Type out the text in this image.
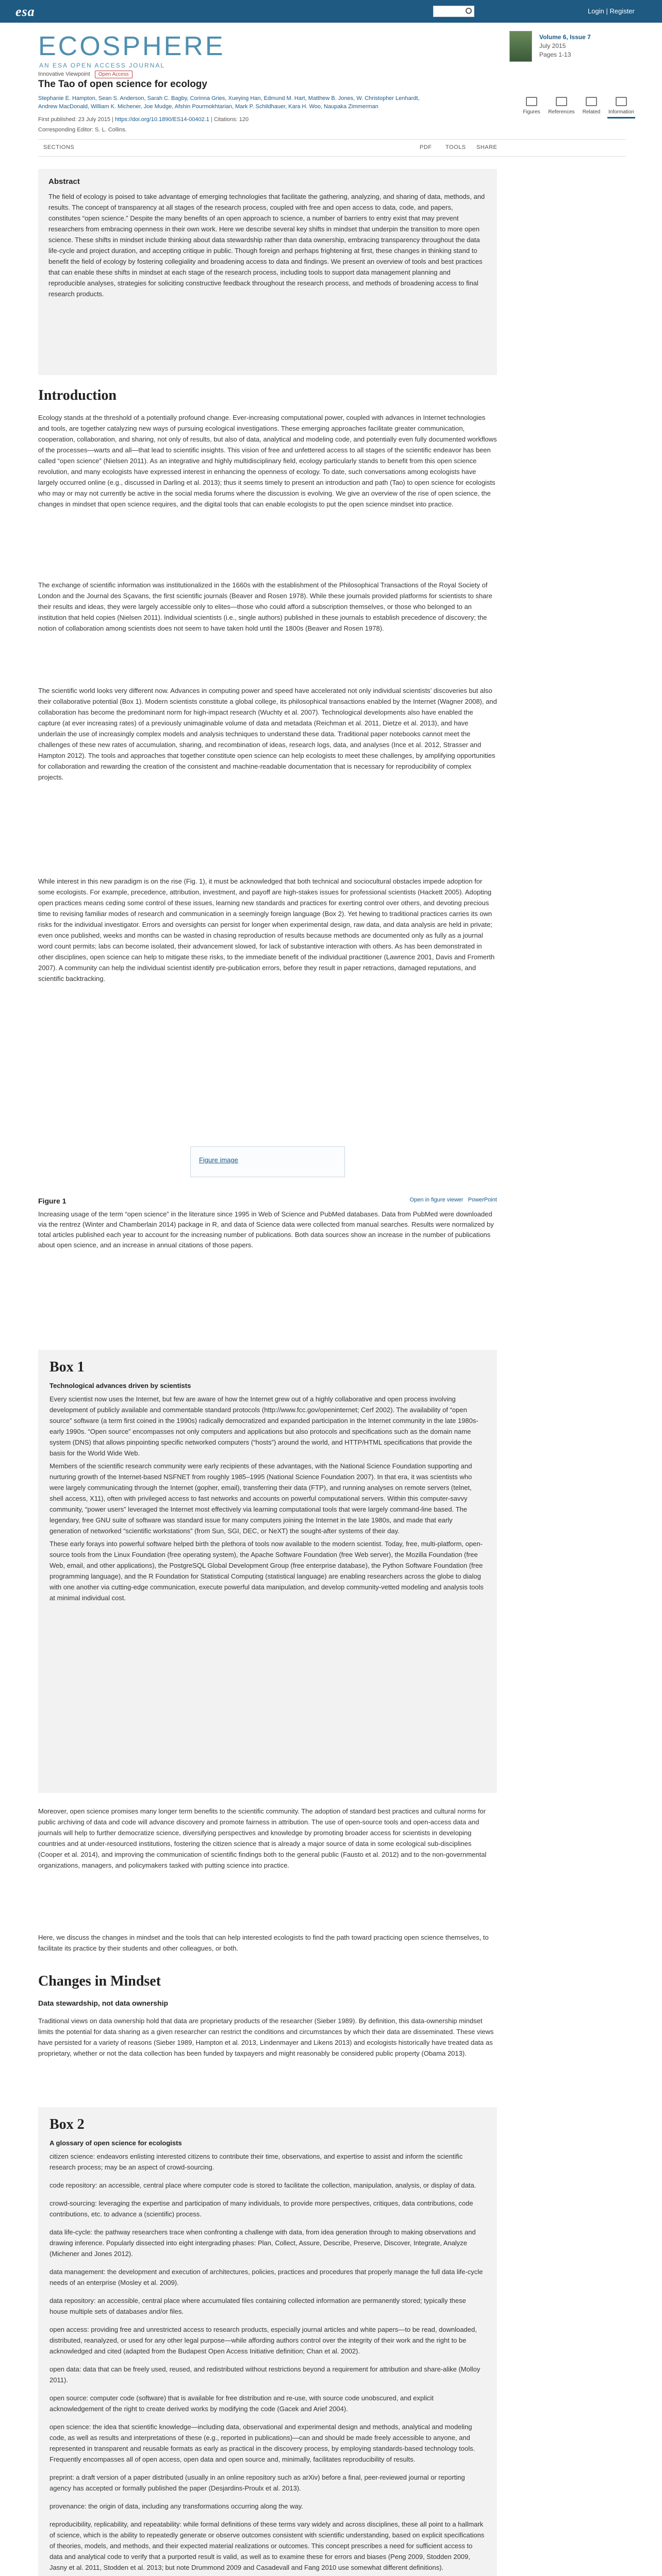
esa	Login | Register
ECOSPHERE
AN ESA OPEN ACCESS JOURNAL
Volume 6, Issue 7
July 2015
Pages 1-13
Innovative Viewpoint Open Access
The Tao of open science for ecology
Stephanie E. Hampton, Sean S. Anderson, Sarah C. Bagby, Corinna Gries, Xueying Han, Edmund M. Hart, Matthew B. Jones, W. Christopher Lenhardt, Andrew MacDonald, William K. Michener, Joe Mudge, Afshin Pourmokhtarian, Mark P. Schildhauer, Kara H. Woo, Naupaka Zimmerman
First published: 23 July 2015 | https://doi.org/10.1890/ES14-00402.1 | Citations: 120
Corresponding Editor: S. L. Collins.
Figures	References	Related	Information
SECTIONS	PDF TOOLS SHARE
Abstract

The field of ecology is poised to take advantage of emerging technologies that facilitate the gathering, analyzing, and sharing of data, methods, and results. The concept of transparency at all stages of the research process, coupled with free and open access to data, code, and papers, constitutes “open science.” Despite the many benefits of an open approach to science, a number of barriers to entry exist that may prevent researchers from embracing openness in their own work. Here we describe several key shifts in mindset that underpin the transition to more open science. These shifts in mindset include thinking about data stewardship rather than data ownership, embracing transparency throughout the data life-cycle and project duration, and accepting critique in public. Though foreign and perhaps frightening at first, these changes in thinking stand to benefit the field of ecology by fostering collegiality and broadening access to data and findings. We present an overview of tools and best practices that can enable these shifts in mindset at each stage of the research process, including tools to support data management planning and reproducible analyses, strategies for soliciting constructive feedback throughout the research process, and methods of broadening access to final research products.

Introduction

Ecology stands at the threshold of a potentially profound change. Ever-increasing computational power, coupled with advances in Internet technologies and tools, are together catalyzing new ways of pursuing ecological investigations. These emerging approaches facilitate greater communication, cooperation, collaboration, and sharing, not only of results, but also of data, analytical and modeling code, and potentially even fully documented workflows of the processes—warts and all—that lead to scientific insights. This vision of free and unfettered access to all stages of the scientific endeavor has been called “open science” (Nielsen 2011). As an integrative and highly multidisciplinary field, ecology particularly stands to benefit from this open science revolution, and many ecologists have expressed interest in enhancing the openness of ecology. To date, such conversations among ecologists have largely occurred online (e.g., discussed in Darling et al. 2013); thus it seems timely to present an introduction and path (Tao) to open science for ecologists who may or may not currently be active in the social media forums where the discussion is evolving. We give an overview of the rise of open science, the changes in mindset that open science requires, and the digital tools that can enable ecologists to put the open science mindset into practice.

The exchange of scientific information was institutionalized in the 1660s with the establishment of the Philosophical Transactions of the Royal Society of London and the Journal des Sçavans, the first scientific journals (Beaver and Rosen 1978). While these journals provided platforms for scientists to share their results and ideas, they were largely accessible only to elites—those who could afford a subscription themselves, or those who belonged to an institution that held copies (Nielsen 2011). Individual scientists (i.e., single authors) published in these journals to establish precedence of discovery; the notion of collaboration among scientists does not seem to have taken hold until the 1800s (Beaver and Rosen 1978).

The scientific world looks very different now. Advances in computing power and speed have accelerated not only individual scientists’ discoveries but also their collaborative potential (Box 1). Modern scientists constitute a global college, its philosophical transactions enabled by the Internet (Wagner 2008), and collaboration has become the predominant norm for high-impact research (Wuchty et al. 2007). Technological developments also have enabled the capture (at ever increasing rates) of a previously unimaginable volume of data and metadata (Reichman et al. 2011, Dietze et al. 2013), and have underlain the use of increasingly complex models and analysis techniques to understand these data. Traditional paper notebooks cannot meet the challenges of these new rates of accumulation, sharing, and recombination of ideas, research logs, data, and analyses (Ince et al. 2012, Strasser and Hampton 2012). The tools and approaches that together constitute open science can help ecologists to meet these challenges, by amplifying opportunities for collaboration and rewarding the creation of the consistent and machine-readable documentation that is necessary for reproducibility of complex projects.

While interest in this new paradigm is on the rise (Fig. 1), it must be acknowledged that both technical and sociocultural obstacles impede adoption for some ecologists. For example, precedence, attribution, investment, and payoff are high-stakes issues for professional scientists (Hackett 2005). Adopting open practices means ceding some control of these issues, learning new standards and practices for exerting control over others, and devoting precious time to revising familiar modes of research and communication in a seemingly foreign language (Box 2). Yet hewing to traditional practices carries its own risks for the individual investigator. Errors and oversights can persist for longer when experimental design, raw data, and data analysis are held in private; even once published, weeks and months can be wasted in chasing reproduction of results because methods are documented only as fully as a journal word count permits; labs can become isolated, their advancement slowed, for lack of substantive interaction with others. As has been demonstrated in other disciplines, open science can help to mitigate these risks, to the immediate benefit of the individual practitioner (Lawrence 2001, Davis and Fromerth 2007). A community can help the individual scientist identify pre-publication errors, before they result in paper retractions, damaged reputations, and scientific backtracking.

Figure image
Figure 1	Open in figure viewer PowerPoint

Increasing usage of the term “open science” in the literature since 1995 in Web of Science and PubMed databases. Data from PubMed were downloaded via the rentrez (Winter and Chamberlain 2014) package in R, and data of Science data were collected from manual searches. Results were normalized by total articles published each year to account for the increasing number of publications. Both data sources show an increase in the number of publications about open science, and an increase in annual citations of those papers.

Box 1
Technological advances driven by scientists

Every scientist now uses the Internet, but few are aware of how the Internet grew out of a highly collaborative and open process involving development of publicly available and commentable standard protocols (http://www.fcc.gov/openinternet; Cerf 2002). The availability of “open source” software (a term first coined in the 1990s) radically democratized and expanded participation in the Internet community in the late 1980s-early 1990s. “Open source” encompasses not only computers and applications but also protocols and specifications such as the domain name system (DNS) that allows pinpointing specific networked computers (“hosts”) around the world, and HTTP/HTML specifications that provide the basis for the World Wide Web.

Members of the scientific research community were early recipients of these advantages, with the National Science Foundation supporting and nurturing growth of the Internet-based NSFNET from roughly 1985–1995 (National Science Foundation 2007). In that era, it was scientists who were largely communicating through the Internet (gopher, email), transferring their data (FTP), and running analyses on remote servers (telnet, shell access, X11), often with privileged access to fast networks and accounts on powerful computational servers. Within this computer-savvy community, “power users” leveraged the Internet most effectively via learning computational tools that were largely command-line based. The legendary, free GNU suite of software was standard issue for many computers joining the Internet in the late 1980s, and made that early generation of networked “scientific workstations” (from Sun, SGI, DEC, or NeXT) the sought-after systems of their day.

These early forays into powerful software helped birth the plethora of tools now available to the modern scientist. Today, free, multi-platform, open-source tools from the Linux Foundation (free operating system), the Apache Software Foundation (free Web server), the Mozilla Foundation (free Web, email, and other applications), the PostgreSQL Global Development Group (free enterprise database), the Python Software Foundation (free programming language), and the R Foundation for Statistical Computing (statistical language) are enabling researchers across the globe to dialog with one another via cutting-edge communication, execute powerful data manipulation, and develop community-vetted modeling and analysis tools at minimal individual cost.

Moreover, open science promises many longer term benefits to the scientific community. The adoption of standard best practices and cultural norms for public archiving of data and code will advance discovery and promote fairness in attribution. The use of open-source tools and open-access data and journals will help to further democratize science, diversifying perspectives and knowledge by promoting broader access for scientists in developing countries and at under-resourced institutions, fostering the citizen science that is already a major source of data in some ecological sub-disciplines (Cooper et al. 2014), and improving the communication of scientific findings both to the general public (Fausto et al. 2012) and to the non-governmental organizations, managers, and policymakers tasked with putting science into practice.

Here, we discuss the changes in mindset and the tools that can help interested ecologists to find the path toward practicing open science themselves, to facilitate its practice by their students and other colleagues, or both.

Changes in Mindset
Data stewardship, not data ownership

Traditional views on data ownership hold that data are proprietary products of the researcher (Sieber 1989). By definition, this data-ownership mindset limits the potential for data sharing as a given researcher can restrict the conditions and circumstances by which their data are disseminated. These views have persisted for a variety of reasons (Sieber 1989, Hampton et al. 2013, Lindenmayer and Likens 2013) and ecologists historically have treated data as proprietary, whether or not the data collection has been funded by taxpayers and might reasonably be considered public property (Obama 2013).

Box 2
A glossary of open science for ecologists

citizen science: endeavors enlisting interested citizens to contribute their time, observations, and expertise to assist and inform the scientific research process; may be an aspect of crowd-sourcing.

code repository: an accessible, central place where computer code is stored to facilitate the collection, manipulation, analysis, or display of data.

crowd-sourcing: leveraging the expertise and participation of many individuals, to provide more perspectives, critiques, data contributions, code contributions, etc. to advance a (scientific) process.

data life-cycle: the pathway researchers trace when confronting a challenge with data, from idea generation through to making observations and drawing inference. Popularly dissected into eight intergrading phases: Plan, Collect, Assure, Describe, Preserve, Discover, Integrate, Analyze (Michener and Jones 2012).

data management: the development and execution of architectures, policies, practices and procedures that properly manage the full data life-cycle needs of an enterprise (Mosley et al. 2009).

data repository: an accessible, central place where accumulated files containing collected information are permanently stored; typically these house multiple sets of databases and/or files.

open access: providing free and unrestricted access to research products, especially journal articles and white papers—to be read, downloaded, distributed, reanalyzed, or used for any other legal purpose—while affording authors control over the integrity of their work and the right to be acknowledged and cited (adapted from the Budapest Open Access Initiative definition; Chan et al. 2002).

open data: data that can be freely used, reused, and redistributed without restrictions beyond a requirement for attribution and share-alike (Molloy 2011).

open source: computer code (software) that is available for free distribution and re-use, with source code unobscured, and explicit acknowledgement of the right to create derived works by modifying the code (Gacek and Arief 2004).

open science: the idea that scientific knowledge—including data, observational and experimental design and methods, analytical and modeling code, as well as results and interpretations of these (e.g., reported in publications)—can and should be made freely accessible to anyone, and represented in transparent and reusable formats as early as practical in the discovery process, by employing standards-based technology tools. Frequently encompasses all of open access, open data and open source and, minimally, facilitates reproducibility of results.

preprint: a draft version of a paper distributed (usually in an online repository such as arXiv) before a final, peer-reviewed journal or reporting agency has accepted or formally published the paper (Desjardins-Proulx et al. 2013).

provenance: the origin of data, including any transformations occurring along the way.

reproducibility, replicability, and repeatability: while formal definitions of these terms vary widely and across disciplines, these all point to a hallmark of science, which is the ability to repeatedly generate or observe outcomes consistent with scientific understanding, based on explicit specifications of theories, models, and methods, and their expected material realizations or outcomes. This concept prescribes a need for sufficient access to data and analytical code to verify that a purported result is valid, as well as to examine these for errors and biases (Peng 2009, Stodden 2009, Jasny et al. 2011, Stodden et al. 2013; but note Drummond 2009 and Casadevall and Fang 2010 use somewhat different definitions).
